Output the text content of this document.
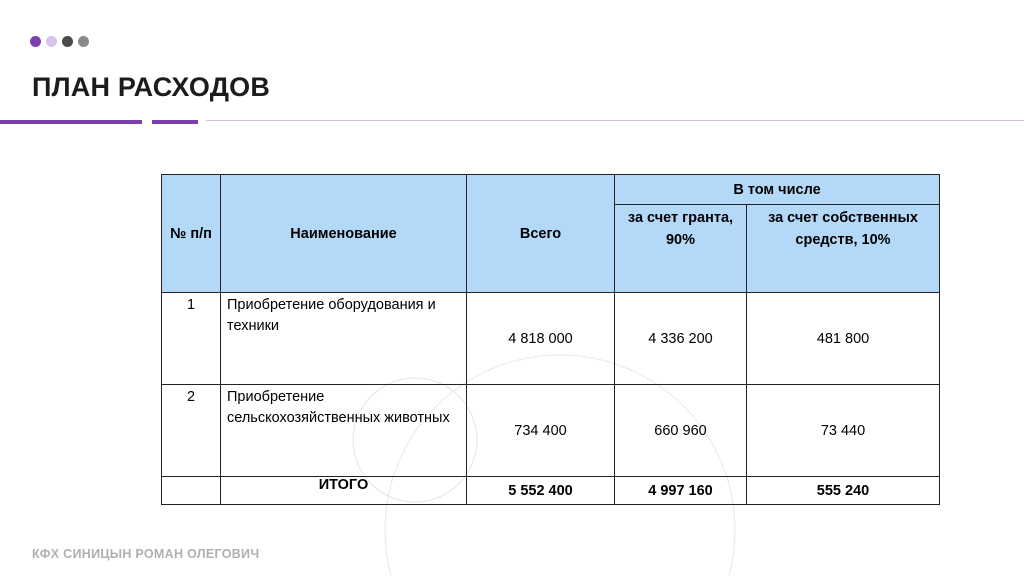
ПЛАН РАСХОДОВ
№ п/п	Наименование	Всего	В том числе	
			за счет гранта, 90%	за счет собственных средств, 10%
1	Приобретение оборудования и техники	4 818 000	4 336 200	481 800
2	Приобретение сельскохозяйственных животных	734 400	660 960	73 440
	ИТОГО	5 552 400	4 997 160	555 240
КФХ СИНИЦЫН РОМАН ОЛЕГОВИЧ
